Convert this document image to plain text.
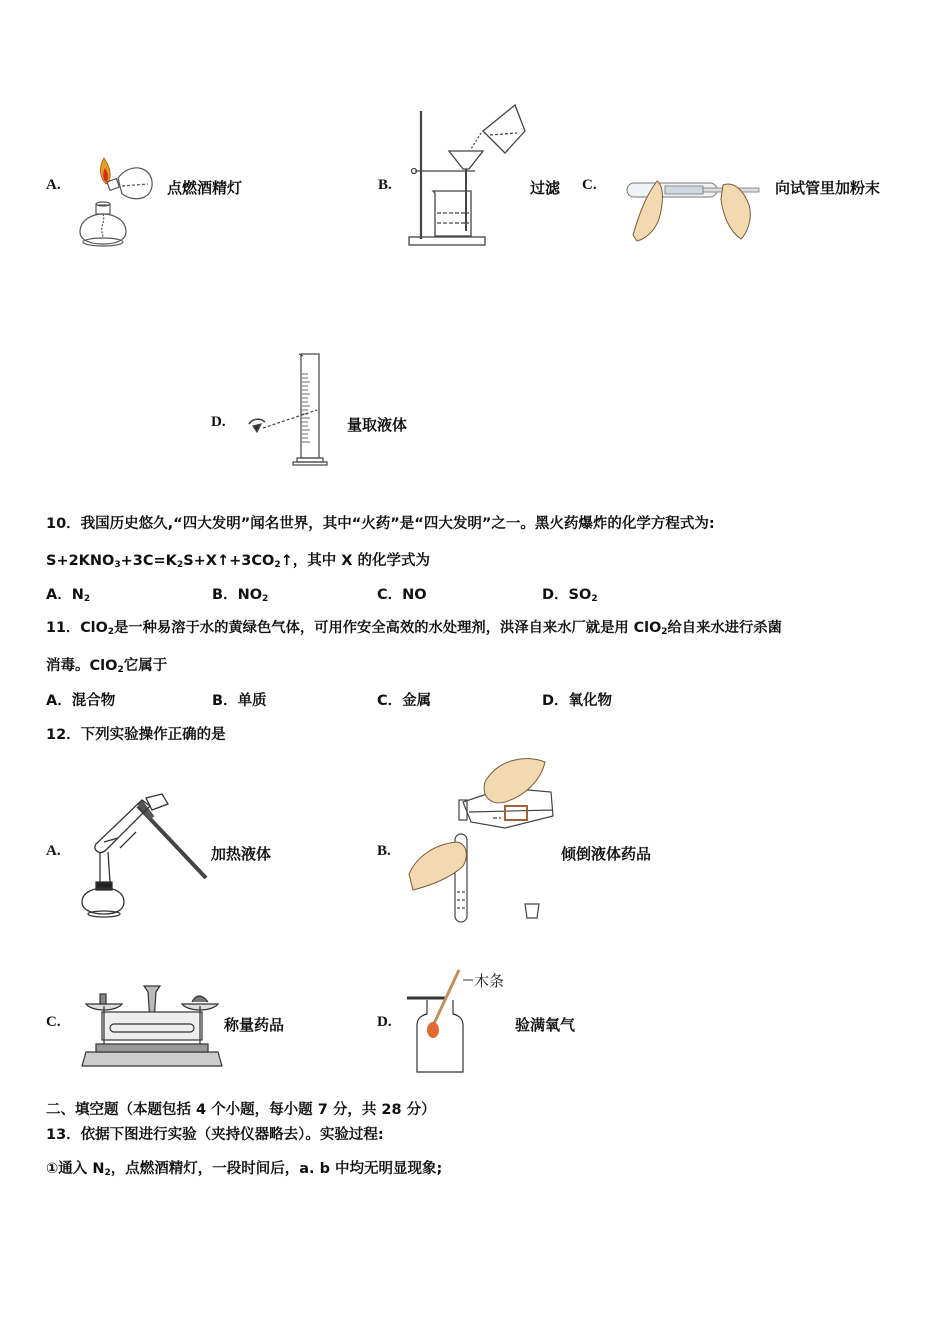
A.	点燃酒精灯	B.	过滤 C.	向试管里加粉末
D.	量取液体
10．我国历史悠久,“四大发明”闻名世界，其中“火药”是“四大发明”之一。黑火药爆炸的化学方程式为:
$S+2KNO_3+3C=K_2S+X↑+3CO_2↑$，其中 X 的化学式为
A．$N_2$	B．$NO_2$	C．NO	D．$SO_2$
11．ClO$_2$是一种易溶于水的黄绿色气体，可用作安全高效的水处理剂，洪泽自来水厂就是用 ClO$_2$给自来水进行杀菌
消毒。ClO$_2$它属于
A．混合物	B．单质	C．金属	D．氧化物
12．下列实验操作正确的是
A.	加热液体	B.	倾倒液体药品
C.	称量药品	D.
木条
验满氧气
二、填空题（本题包括 4 个小题，每小题 7 分，共 28 分）
13．依据下图进行实验（夹持仪器略去）。实验过程:
①通入 $N_2$，点燃酒精灯，一段时间后，a. b 中均无明显现象;
